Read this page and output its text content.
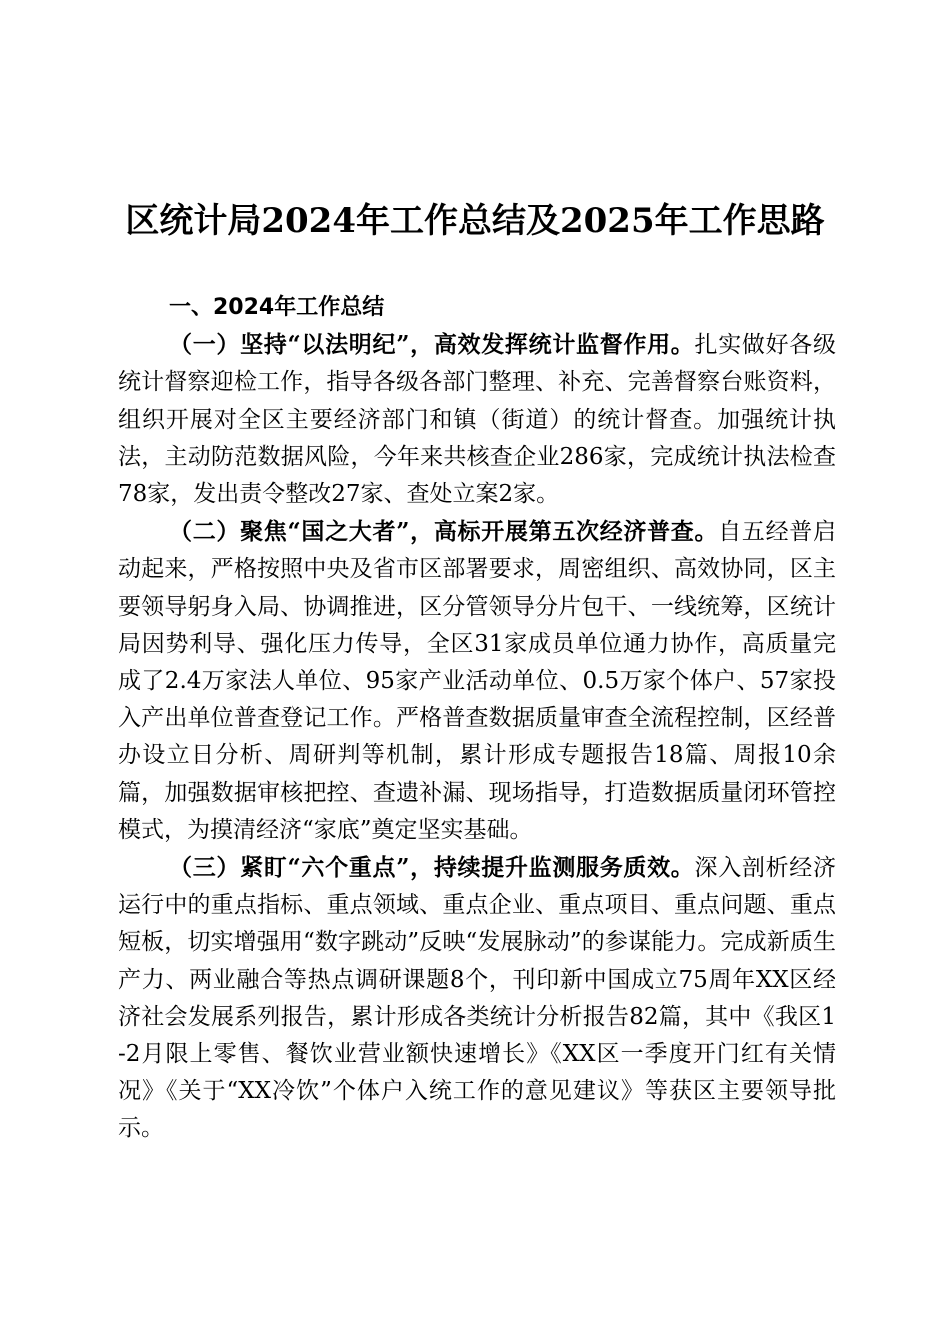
区统计局2024年工作总结及2025年工作思路

一、2024年工作总结

（一）坚持“以法明纪”，高效发挥统计监督作用。扎实做好各级统计督察迎检工作，指导各级各部门整理、补充、完善督察台账资料，组织开展对全区主要经济部门和镇（街道）的统计督查。加强统计执法，主动防范数据风险，今年来共核查企业286家，完成统计执法检查78家，发出责令整改27家、查处立案2家。

（二）聚焦“国之大者”，高标开展第五次经济普查。自五经普启动起来，严格按照中央及省市区部署要求，周密组织、高效协同，区主要领导躬身入局、协调推进，区分管领导分片包干、一线统筹，区统计局因势利导、强化压力传导，全区31家成员单位通力协作，高质量完成了2.4万家法人单位、95家产业活动单位、0.5万家个体户、57家投入产出单位普查登记工作。严格普查数据质量审查全流程控制，区经普办设立日分析、周研判等机制，累计形成专题报告18篇、周报10余篇，加强数据审核把控、查遗补漏、现场指导，打造数据质量闭环管控模式，为摸清经济“家底”奠定坚实基础。

（三）紧盯“六个重点”，持续提升监测服务质效。深入剖析经济运行中的重点指标、重点领域、重点企业、重点项目、重点问题、重点短板，切实增强用“数字跳动”反映“发展脉动”的参谋能力。完成新质生产力、两业融合等热点调研课题8个，刊印新中国成立75周年XX区经济社会发展系列报告，累计形成各类统计分析报告82篇，其中《我区1-2月限上零售、餐饮业营业额快速增长》《XX区一季度开门红有关情况》《关于“XX冷饮”个体户入统工作的意见建议》等获区主要领导批示。
